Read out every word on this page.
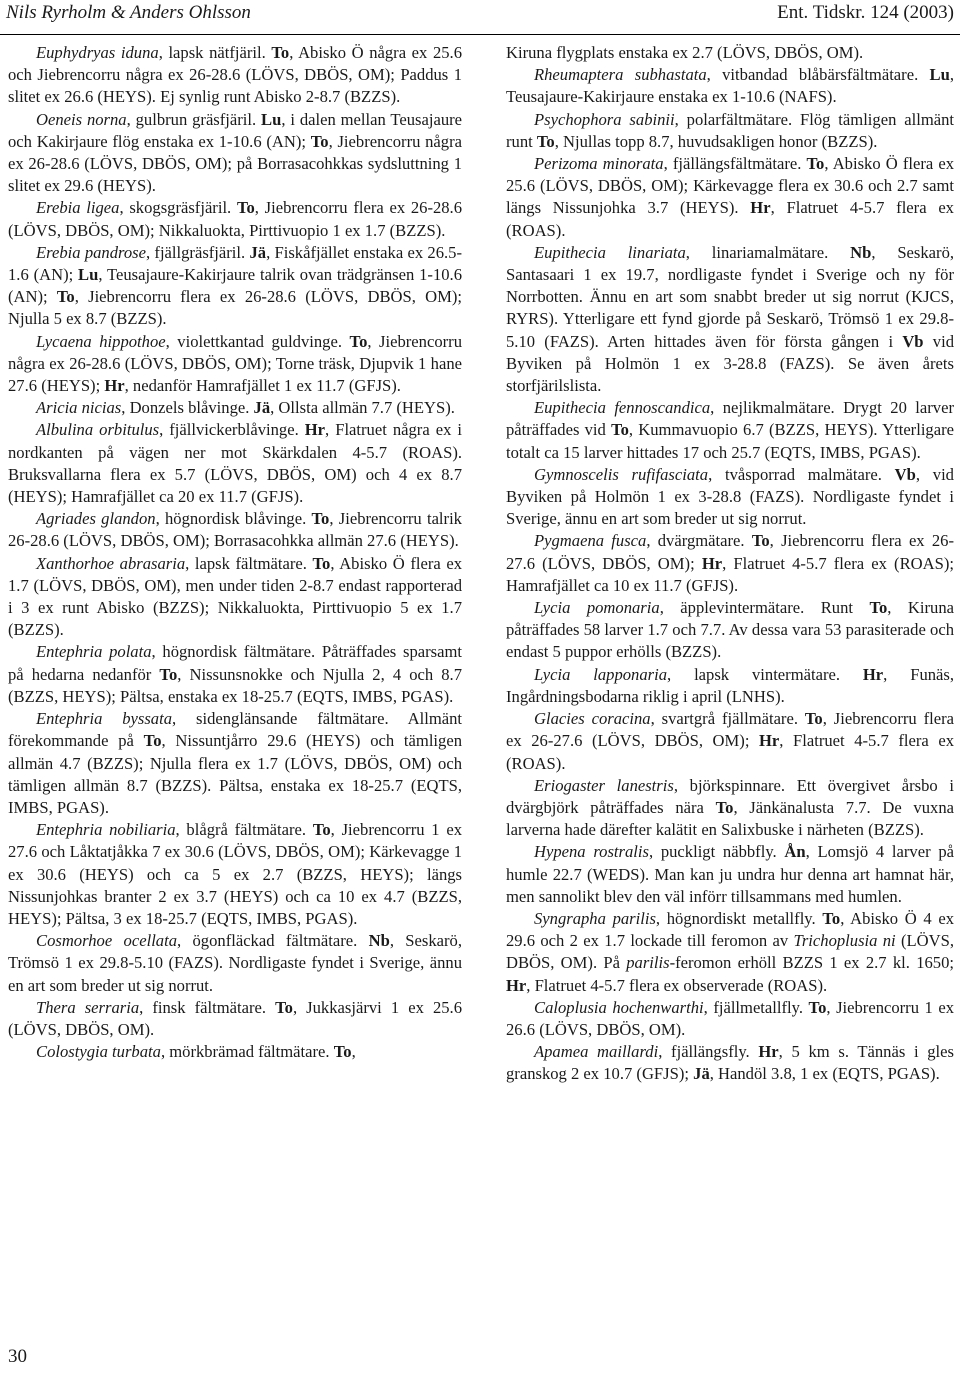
Nils Ryrholm & Anders Ohlsson	Ent. Tidskr. 124 (2003)

Euphydryas iduna, lapsk nätfjäril. To, Abisko Ö några ex 25.6 och Jiebrencorru några ex 26-28.6 (LÖVS, DBÖS, OM); Paddus 1 slitet ex 26.6 (HEYS). Ej synlig runt Abisko 2-8.7 (BZZS).

Oeneis norna, gulbrun gräsfjäril. Lu, i dalen mellan Teusajaure och Kakirjaure flög enstaka ex 1-10.6 (AN); To, Jiebrencorru några ex 26-28.6 (LÖVS, DBÖS, OM); på Borrasacohkkas sydsluttning 1 slitet ex 29.6 (HEYS).

Erebia ligea, skogsgräsfjäril. To, Jiebrencorru flera ex 26-28.6 (LÖVS, DBÖS, OM); Nikkaluokta, Pirttivuopio 1 ex 1.7 (BZZS).

Erebia pandrose, fjällgräsfjäril. Jä, Fiskåfjället enstaka ex 26.5-1.6 (AN); Lu, Teusajaure-Kakirjaure talrik ovan trädgränsen 1-10.6 (AN); To, Jiebrencorru flera ex 26-28.6 (LÖVS, DBÖS, OM); Njulla 5 ex 8.7 (BZZS).

Lycaena hippothoe, violettkantad guldvinge. To, Jiebrencorru några ex 26-28.6 (LÖVS, DBÖS, OM); Torne träsk, Djupvik 1 hane 27.6 (HEYS); Hr, nedanför Hamrafjället 1 ex 11.7 (GFJS).

Aricia nicias, Donzels blåvinge. Jä, Ollsta allmän 7.7 (HEYS).

Albulina orbitulus, fjällvickerblåvinge. Hr, Flatruet några ex i nordkanten på vägen ner mot Skärkdalen 4-5.7 (ROAS). Bruksvallarna flera ex 5.7 (LÖVS, DBÖS, OM) och 4 ex 8.7 (HEYS); Hamrafjället ca 20 ex 11.7 (GFJS).

Agriades glandon, högnordisk blåvinge. To, Jiebrencorru talrik 26-28.6 (LÖVS, DBÖS, OM); Borrasacohkka allmän 27.6 (HEYS).

Xanthorhoe abrasaria, lapsk fältmätare. To, Abisko Ö flera ex 1.7 (LÖVS, DBÖS, OM), men under tiden 2-8.7 endast rapporterad i 3 ex runt Abisko (BZZS); Nikkaluokta, Pirttivuopio 5 ex 1.7 (BZZS).

Entephria polata, högnordisk fältmätare. Påträffades sparsamt på hedarna nedanför To, Nissunsnokke och Njulla 2, 4 och 8.7 (BZZS, HEYS); Pältsa, enstaka ex 18-25.7 (EQTS, IMBS, PGAS).

Entephria byssata, sidenglänsande fältmätare. Allmänt förekommande på To, Nissuntjårro 29.6 (HEYS) och tämligen allmän 4.7 (BZZS); Njulla flera ex 1.7 (LÖVS, DBÖS, OM) och tämligen allmän 8.7 (BZZS). Pältsa, enstaka ex 18-25.7 (EQTS, IMBS, PGAS).

Entephria nobiliaria, blågrå fältmätare. To, Jiebrencorru 1 ex 27.6 och Låktatjåkka 7 ex 30.6 (LÖVS, DBÖS, OM); Kärkevagge 1 ex 30.6 (HEYS) och ca 5 ex 2.7 (BZZS, HEYS); längs Nissunjohkas branter 2 ex 3.7 (HEYS) och ca 10 ex 4.7 (BZZS, HEYS); Pältsa, 3 ex 18-25.7 (EQTS, IMBS, PGAS).

Cosmorhoe ocellata, ögonfläckad fältmätare. Nb, Seskarö, Trömsö 1 ex 29.8-5.10 (FAZS). Nordligaste fyndet i Sverige, ännu en art som breder ut sig norrut.

Thera serraria, finsk fältmätare. To, Jukkasjärvi 1 ex 25.6 (LÖVS, DBÖS, OM).

Colostygia turbata, mörkbrämad fältmätare. To,

Kiruna flygplats enstaka ex 2.7 (LÖVS, DBÖS, OM).

Rheumaptera subhastata, vitbandad blåbärsfältmätare. Lu, Teusajaure-Kakirjaure enstaka ex 1-10.6 (NAFS).

Psychophora sabinii, polarfältmätare. Flög tämligen allmänt runt To, Njullas topp 8.7, huvudsakligen honor (BZZS).

Perizoma minorata, fjällängsfältmätare. To, Abisko Ö flera ex 25.6 (LÖVS, DBÖS, OM); Kärkevagge flera ex 30.6 och 2.7 samt längs Nissunjohka 3.7 (HEYS). Hr, Flatruet 4-5.7 flera ex (ROAS).

Eupithecia linariata, linariamalmätare. Nb, Seskarö, Santasaari 1 ex 19.7, nordligaste fyndet i Sverige och ny för Norrbotten. Ännu en art som snabbt breder ut sig norrut (KJCS, RYRS). Ytterligare ett fynd gjorde på Seskarö, Trömsö 1 ex 29.8-5.10 (FAZS). Arten hittades även för första gången i Vb vid Byviken på Holmön 1 ex 3-28.8 (FAZS). Se även årets storfjärilslista.

Eupithecia fennoscandica, nejlikmalmätare. Drygt 20 larver påträffades vid To, Kummavuopio 6.7 (BZZS, HEYS). Ytterligare totalt ca 15 larver hittades 17 och 25.7 (EQTS, IMBS, PGAS).

Gymnoscelis rufifasciata, tvåsporrad malmätare. Vb, vid Byviken på Holmön 1 ex 3-28.8 (FAZS). Nordligaste fyndet i Sverige, ännu en art som breder ut sig norrut.

Pygmaena fusca, dvärgmätare. To, Jiebrencorru flera ex 26-27.6 (LÖVS, DBÖS, OM); Hr, Flatruet 4-5.7 flera ex (ROAS); Hamrafjället ca 10 ex 11.7 (GFJS).

Lycia pomonaria, äpplevintermätare. Runt To, Kiruna påträffades 58 larver 1.7 och 7.7. Av dessa vara 53 parasiterade och endast 5 puppor erhölls (BZZS).

Lycia lapponaria, lapsk vintermätare. Hr, Funäs, Ingårdningsbodarna riklig i april (LNHS).

Glacies coracina, svartgrå fjällmätare. To, Jiebrencorru flera ex 26-27.6 (LÖVS, DBÖS, OM); Hr, Flatruet 4-5.7 flera ex (ROAS).

Eriogaster lanestris, björkspinnare. Ett övergivet årsbo i dvärgbjörk påträffades nära To, Jänkänalusta 7.7. De vuxna larverna hade därefter kalätit en Salixbuske i närheten (BZZS).

Hypena rostralis, puckligt näbbfly. Ån, Lomsjö 4 larver på humle 22.7 (WEDS). Man kan ju undra hur denna art hamnat här, men sannolikt blev den väl införr tillsammans med humlen.

Syngrapha parilis, högnordiskt metallfly. To, Abisko Ö 4 ex 29.6 och 2 ex 1.7 lockade till feromon av Trichoplusia ni (LÖVS, DBÖS, OM). På parilis-feromon erhöll BZZS 1 ex 2.7 kl. 1650; Hr, Flatruet 4-5.7 flera ex observerade (ROAS).

Caloplusia hochenwarthi, fjällmetallfly. To, Jiebrencorru 1 ex 26.6 (LÖVS, DBÖS, OM).

Apamea maillardi, fjällängsfly. Hr, 5 km s. Tännäs i gles granskog 2 ex 10.7 (GFJS); Jä, Handöl 3.8, 1 ex (EQTS, PGAS).

30
